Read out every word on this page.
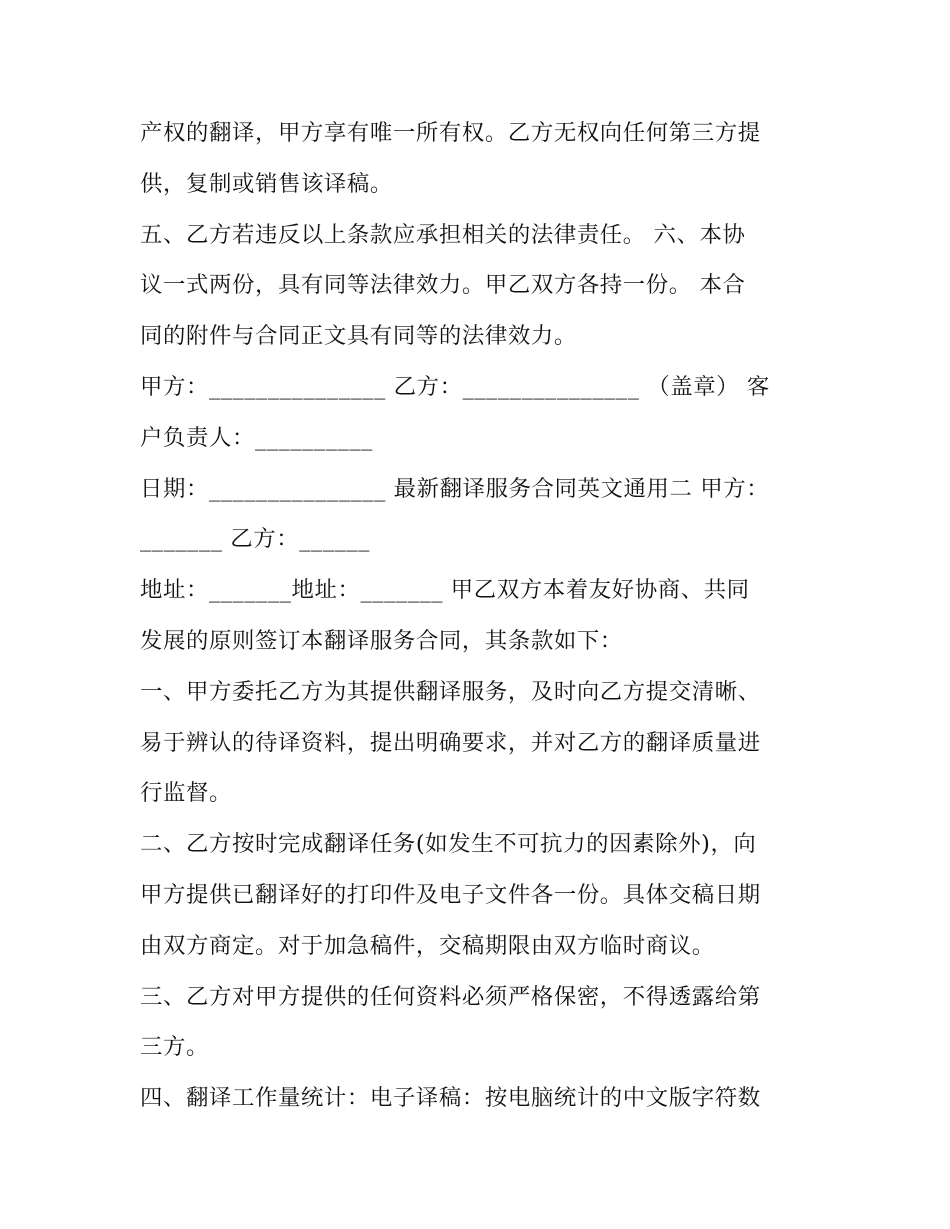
产权的翻译，甲方享有唯一所有权。乙方无权向任何第三方提
供，复制或销售该译稿。
五、乙方若违反以上条款应承担相关的法律责任。 六、本协
议一式两份，具有同等法律效力。甲乙双方各持一份。 本合
同的附件与合同正文具有同等的法律效力。
甲方：_______________ 乙方：_______________ （盖章） 客
户负责人：__________
日期：_______________ 最新翻译服务合同英文通用二 甲方：
_______ 乙方：______
地址：_______地址：_______ 甲乙双方本着友好协商、共同
发展的原则签订本翻译服务合同，其条款如下：
一、甲方委托乙方为其提供翻译服务，及时向乙方提交清晰、
易于辨认的待译资料，提出明确要求，并对乙方的翻译质量进
行监督。
二、乙方按时完成翻译任务(如发生不可抗力的因素除外)，向
甲方提供已翻译好的打印件及电子文件各一份。具体交稿日期
由双方商定。对于加急稿件，交稿期限由双方临时商议。
三、乙方对甲方提供的任何资料必须严格保密，不得透露给第
三方。
四、翻译工作量统计：电子译稿：按电脑统计的中文版字符数
